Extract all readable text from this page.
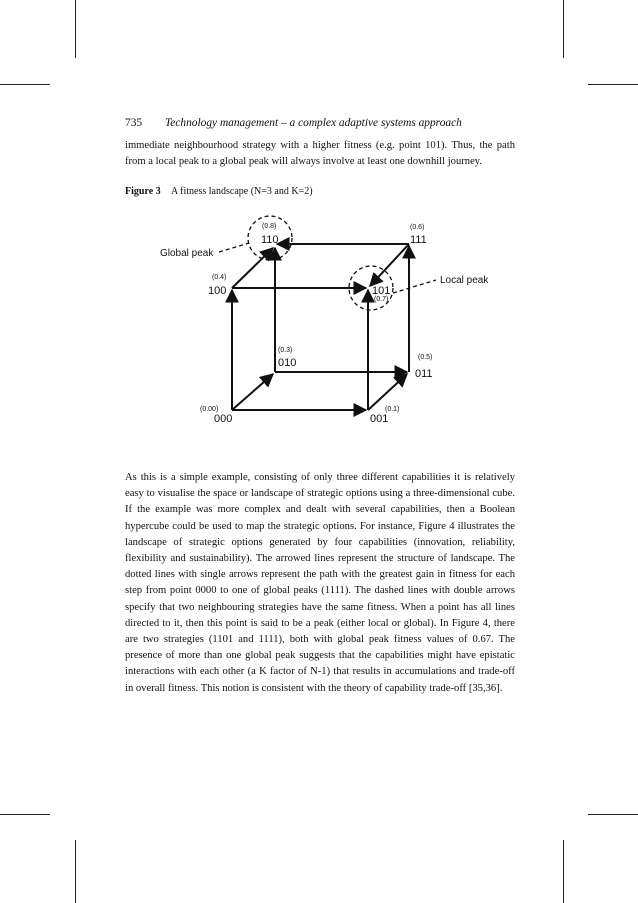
735 Technology management – a complex adaptive systems approach
immediate neighbourhood strategy with a higher fitness (e.g. point 101). Thus, the path from a local peak to a global peak will always involve at least one downhill journey.
Figure 3 A fitness landscape (N=3 and K=2)
000
(0.00)
001
(0.1)
010
(0.3)
011
(0.5)
100
(0.4)
101
(0.7)
110
(0.8)
111
(0.6)
Global peak
Local peak
As this is a simple example, consisting of only three different capabilities it is relatively easy to visualise the space or landscape of strategic options using a three-dimensional cube. If the example was more complex and dealt with several capabilities, then a Boolean hypercube could be used to map the strategic options. For instance, Figure 4 illustrates the landscape of strategic options generated by four capabilities (innovation, reliability, flexibility and sustainability). The arrowed lines represent the structure of landscape. The dotted lines with single arrows represent the path with the greatest gain in fitness for each step from point 0000 to one of global peaks (1111). The dashed lines with double arrows specify that two neighbouring strategies have the same fitness. When a point has all lines directed to it, then this point is said to be a peak (either local or global). In Figure 4, there are two strategies (1101 and 1111), both with global peak fitness values of 0.67. The presence of more than one global peak suggests that the capabilities might have epistatic interactions with each other (a K factor of N-1) that results in accumulations and trade-off in overall fitness. This notion is consistent with the theory of capability trade-off [35,36].
